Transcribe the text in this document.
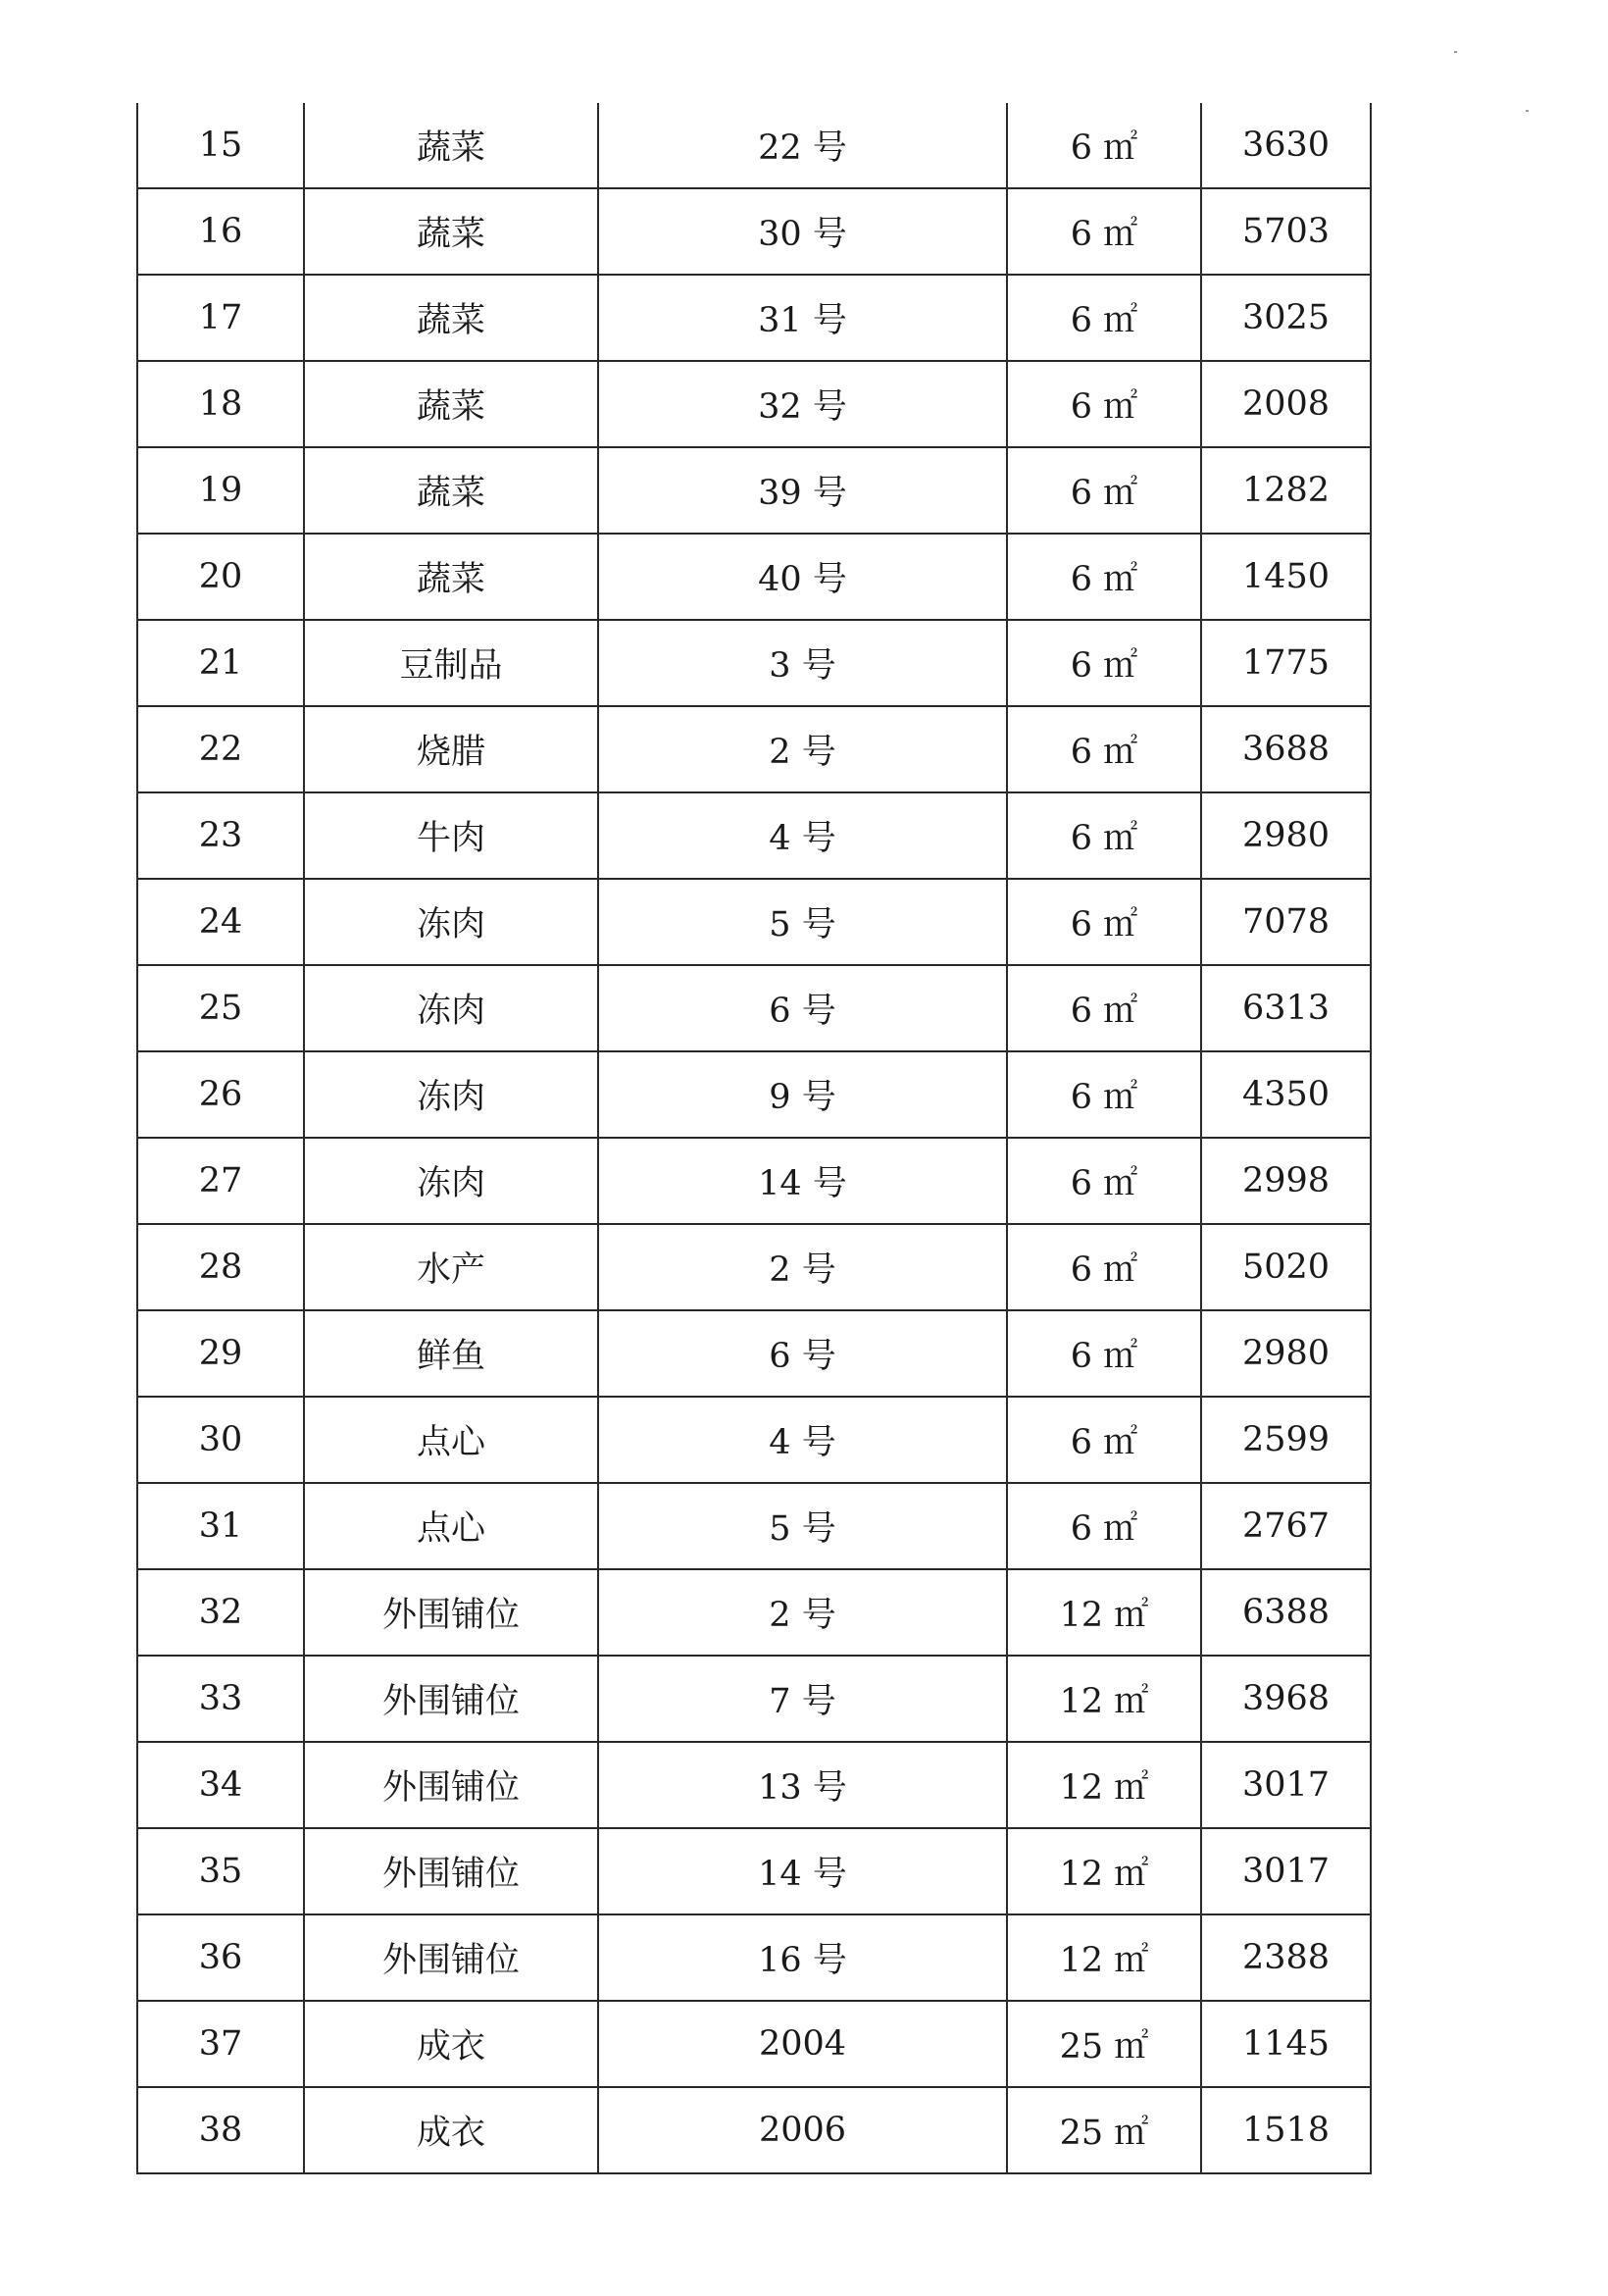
15	蔬菜	22 号	6 ㎡	3630
16	蔬菜	30 号	6 ㎡	5703
17	蔬菜	31 号	6 ㎡	3025
18	蔬菜	32 号	6 ㎡	2008
19	蔬菜	39 号	6 ㎡	1282
20	蔬菜	40 号	6 ㎡	1450
21	豆制品	3 号	6 ㎡	1775
22	烧腊	2 号	6 ㎡	3688
23	牛肉	4 号	6 ㎡	2980
24	冻肉	5 号	6 ㎡	7078
25	冻肉	6 号	6 ㎡	6313
26	冻肉	9 号	6 ㎡	4350
27	冻肉	14 号	6 ㎡	2998
28	水产	2 号	6 ㎡	5020
29	鲜鱼	6 号	6 ㎡	2980
30	点心	4 号	6 ㎡	2599
31	点心	5 号	6 ㎡	2767
32	外围铺位	2 号	12 ㎡	6388
33	外围铺位	7 号	12 ㎡	3968
34	外围铺位	13 号	12 ㎡	3017
35	外围铺位	14 号	12 ㎡	3017
36	外围铺位	16 号	12 ㎡	2388
37	成衣	2004	25 ㎡	1145
38	成衣	2006	25 ㎡	1518
